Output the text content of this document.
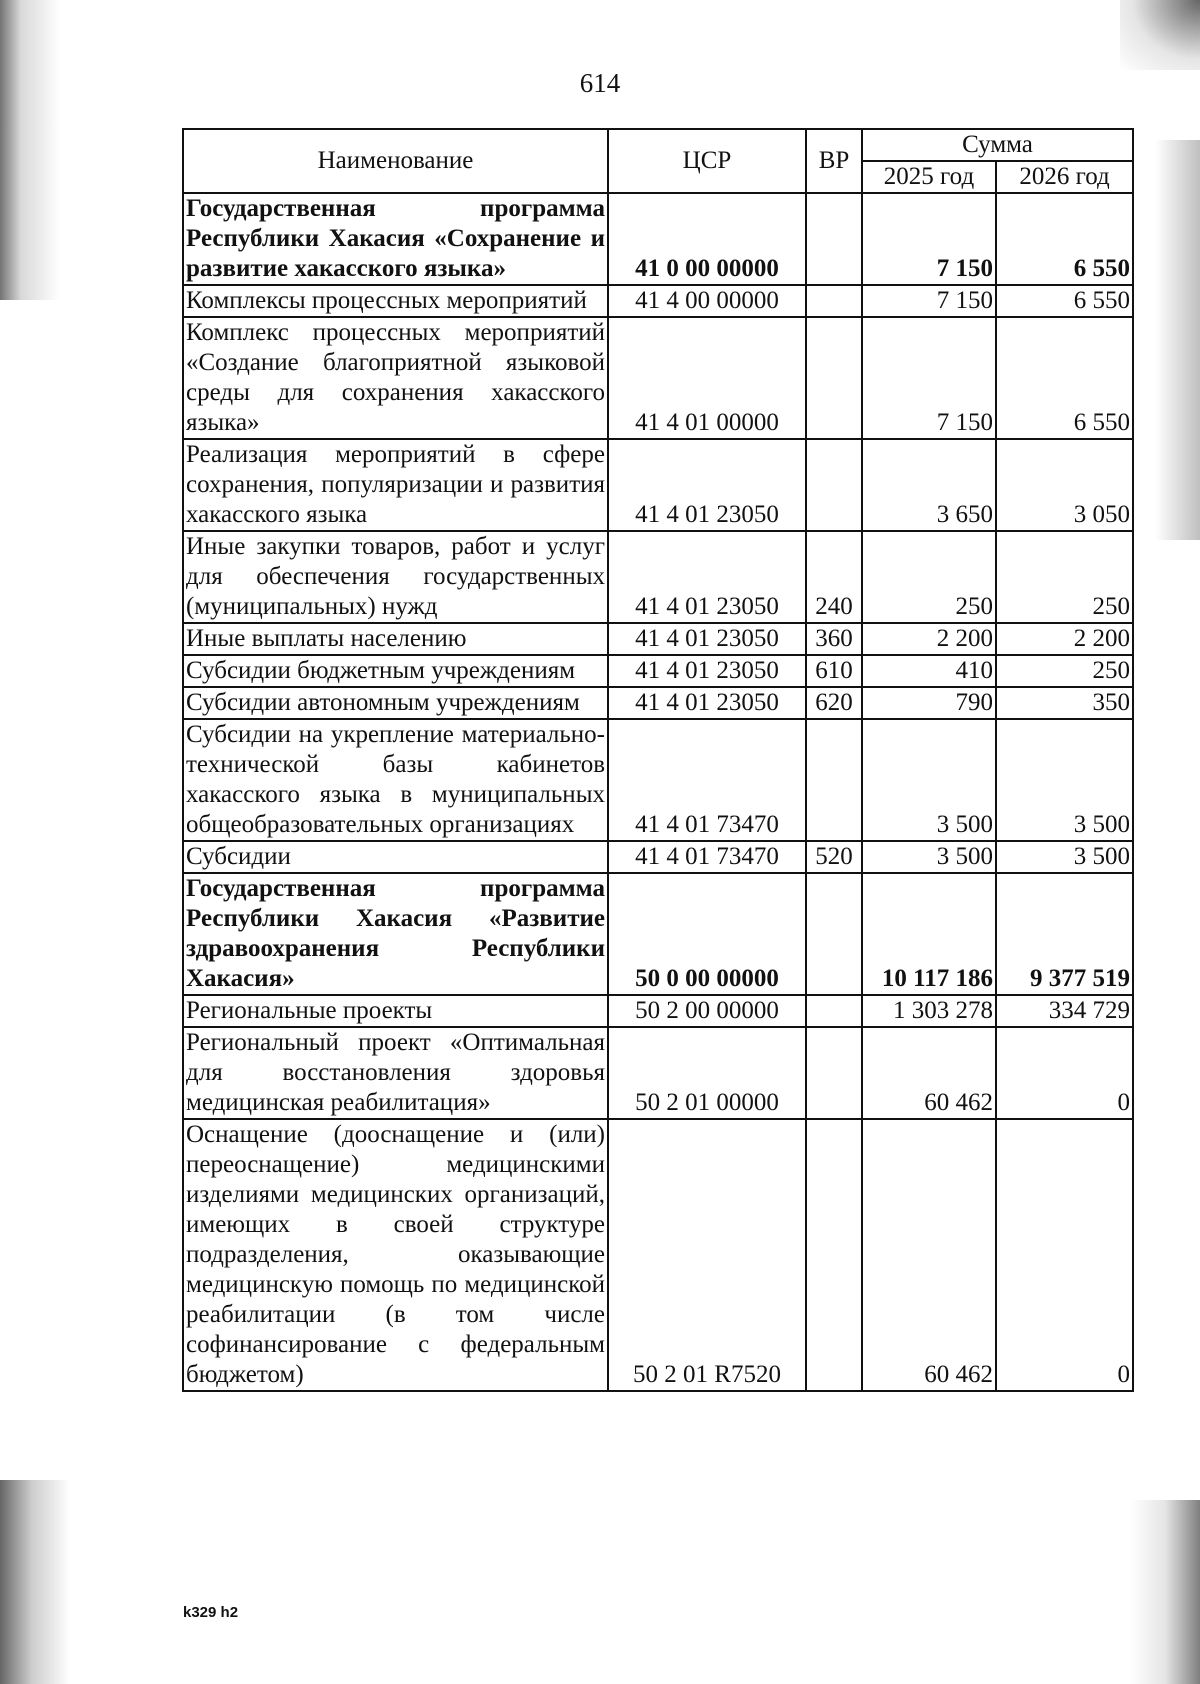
614
Наименование	ЦСР	ВР	Сумма	
			2025 год	2026 год
Государственная программа Республики Хакасия «Сохранение и развитие хакасского языка»	41 0 00 00000		7 150	6 550
Комплексы процессных мероприятий	41 4 00 00000		7 150	6 550
Комплекс процессных мероприятий «Создание благоприятной языковой среды для сохранения хакасского языка»	41 4 01 00000		7 150	6 550
Реализация мероприятий в сфере сохранения, популяризации и развития хакасского языка	41 4 01 23050		3 650	3 050
Иные закупки товаров, работ и услуг для обеспечения государственных (муниципальных) нужд	41 4 01 23050	240	250	250
Иные выплаты населению	41 4 01 23050	360	2 200	2 200
Субсидии бюджетным учреждениям	41 4 01 23050	610	410	250
Субсидии автономным учреждениям	41 4 01 23050	620	790	350
Субсидии на укрепление материально-технической базы кабинетов хакасского языка в муниципальных общеобразовательных организациях	41 4 01 73470		3 500	3 500
Субсидии	41 4 01 73470	520	3 500	3 500
Государственная программа Республики Хакасия «Развитие здравоохранения Республики Хакасия»	50 0 00 00000		10 117 186	9 377 519
Региональные проекты	50 2 00 00000		1 303 278	334 729
Региональный проект «Оптимальная для восстановления здоровья медицинская реабилитация»	50 2 01 00000		60 462	0
Оснащение (дооснащение и (или) переоснащение) медицинскими изделиями медицинских организаций, имеющих в своей структуре подразделения, оказывающие медицинскую помощь по медицинской реабилитации (в том числе софинансирование с федеральным бюджетом)	50 2 01 R7520		60 462	0
k329 h2
